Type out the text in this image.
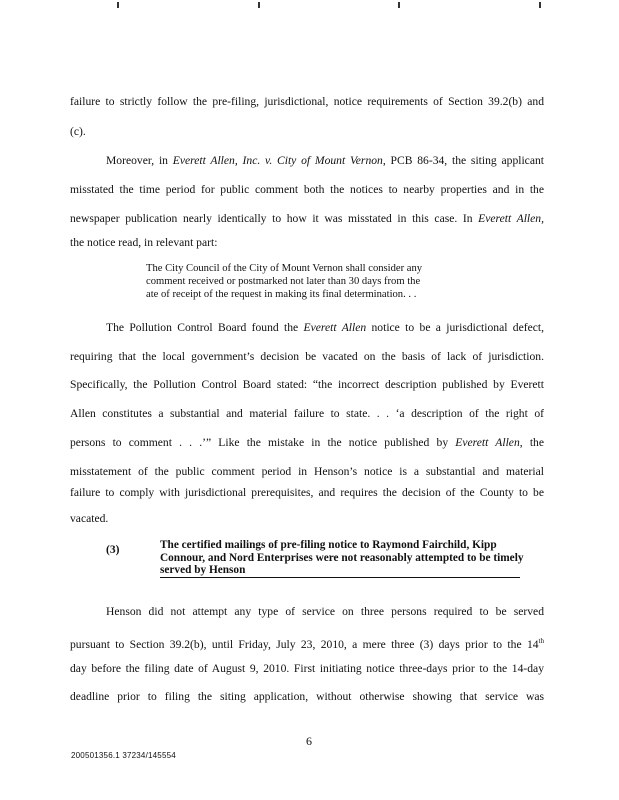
failure to strictly follow the pre-filing, jurisdictional, notice requirements of Section 39.2(b) and
(c).
Moreover, in Everett Allen, Inc. v. City of Mount Vernon, PCB 86-34, the siting applicant
misstated the time period for public comment both the notices to nearby properties and in the
newspaper publication nearly identically to how it was misstated in this case. In Everett Allen,
the notice read, in relevant part:
The City Council of the City of Mount Vernon shall consider any
comment received or postmarked not later than 30 days from the
ate of receipt of the request in making its final determination. . .
The Pollution Control Board found the Everett Allen notice to be a jurisdictional defect,
requiring that the local government’s decision be vacated on the basis of lack of jurisdiction.
Specifically, the Pollution Control Board stated: “the incorrect description published by Everett
Allen constitutes a substantial and material failure to state. . . ‘a description of the right of
persons to comment . . .’” Like the mistake in the notice published by Everett Allen, the
misstatement of the public comment period in Henson’s notice is a substantial and material
failure to comply with jurisdictional prerequisites, and requires the decision of the County to be
vacated.
(3)	The certified mailings of pre-filing notice to Raymond Fairchild, Kipp
Connour, and Nord Enterprises were not reasonably attempted to be timely
served by Henson
Henson did not attempt any type of service on three persons required to be served
pursuant to Section 39.2(b), until Friday, July 23, 2010, a mere three (3) days prior to the 14th
day before the filing date of August 9, 2010. First initiating notice three-days prior to the 14-day
deadline prior to filing the siting application, without otherwise showing that service was
6
200501356.1 37234/145554
